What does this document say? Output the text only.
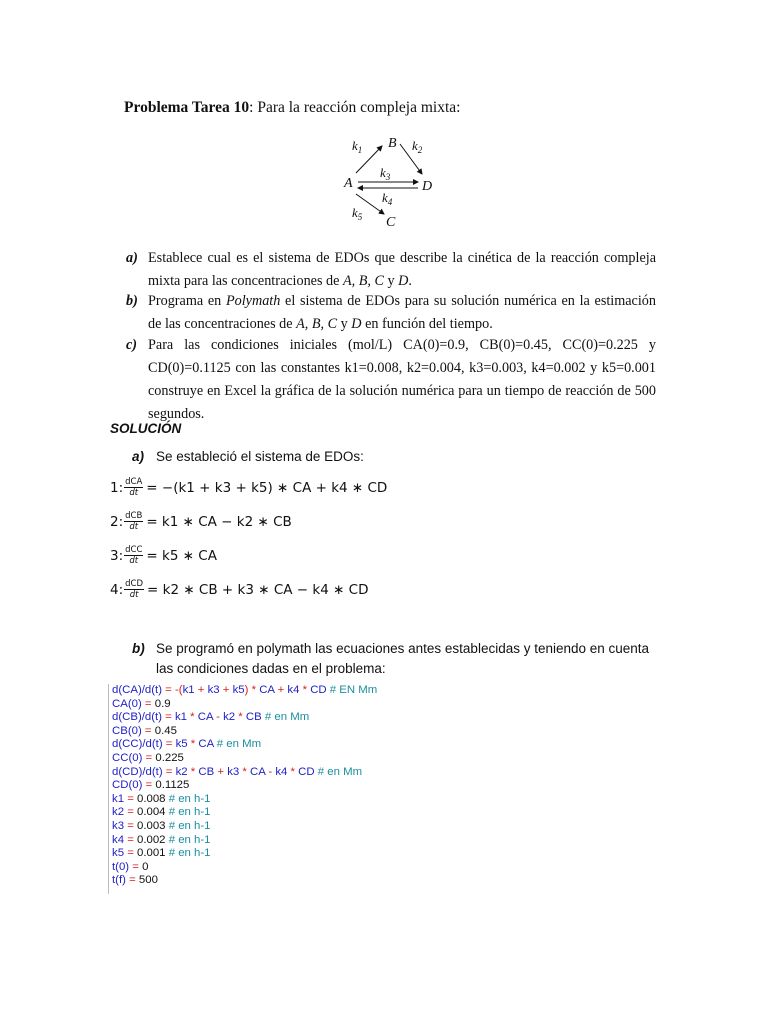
Problema Tarea 10: Para la reacción compleja mixta:
A
B
C
D
$k_1$	$k_2$
$k_3$
$k_4$
$k_5$
a) Establece cual es el sistema de EDOs que describe la cinética de la reacción compleja mixta para las concentraciones de A, B, C y D.
b) Programa en Polymath el sistema de EDOs para su solución numérica en la estimación de las concentraciones de A, B, C y D en función del tiempo.
c) Para las condiciones iniciales (mol/L) CA(0)=0.9, CB(0)=0.45, CC(0)=0.225 y CD(0)=0.1125 con las constantes k1=0.008, k2=0.004, k3=0.003, k4=0.002 y k5=0.001 construye en Excel la gráfica de la solución numérica para un tiempo de reacción de 500 segundos.
SOLUCIÓN
a) Se estableció el sistema de EDOs:
1: $\frac{\text{dCA}}{dt} = -(k1 + k3 + k5)$ ∗ CA + k4 ∗ CD
2: $\frac{\text{dCB}}{dt} = k1$ ∗ CA − k2 ∗ CB
3: $\frac{\text{dCC}}{dt} = k5$ ∗ CA
4: $\frac{\text{dCD}}{dt} = k2$ ∗ CB + k3 ∗ CA − k4 ∗ CD
b) Se programó en polymath las ecuaciones antes establecidas y teniendo en cuenta las condiciones dadas en el problema:
d(CA)/d(t) = -(k1 + k3 + k5) * CA + k4 * CD # EN Mm
CA(0) = 0.9
d(CB)/d(t) = k1 * CA - k2 * CB # en Mm
CB(0) = 0.45
d(CC)/d(t) = k5 * CA # en Mm
CC(0) = 0.225
d(CD)/d(t) = k2 * CB + k3 * CA - k4 * CD # en Mm
CD(0) = 0.1125
k1 = 0.008 # en h-1
k2 = 0.004 # en h-1
k3 = 0.003 # en h-1
k4 = 0.002 # en h-1
k5 = 0.001 # en h-1
t(0) = 0
t(f) = 500
